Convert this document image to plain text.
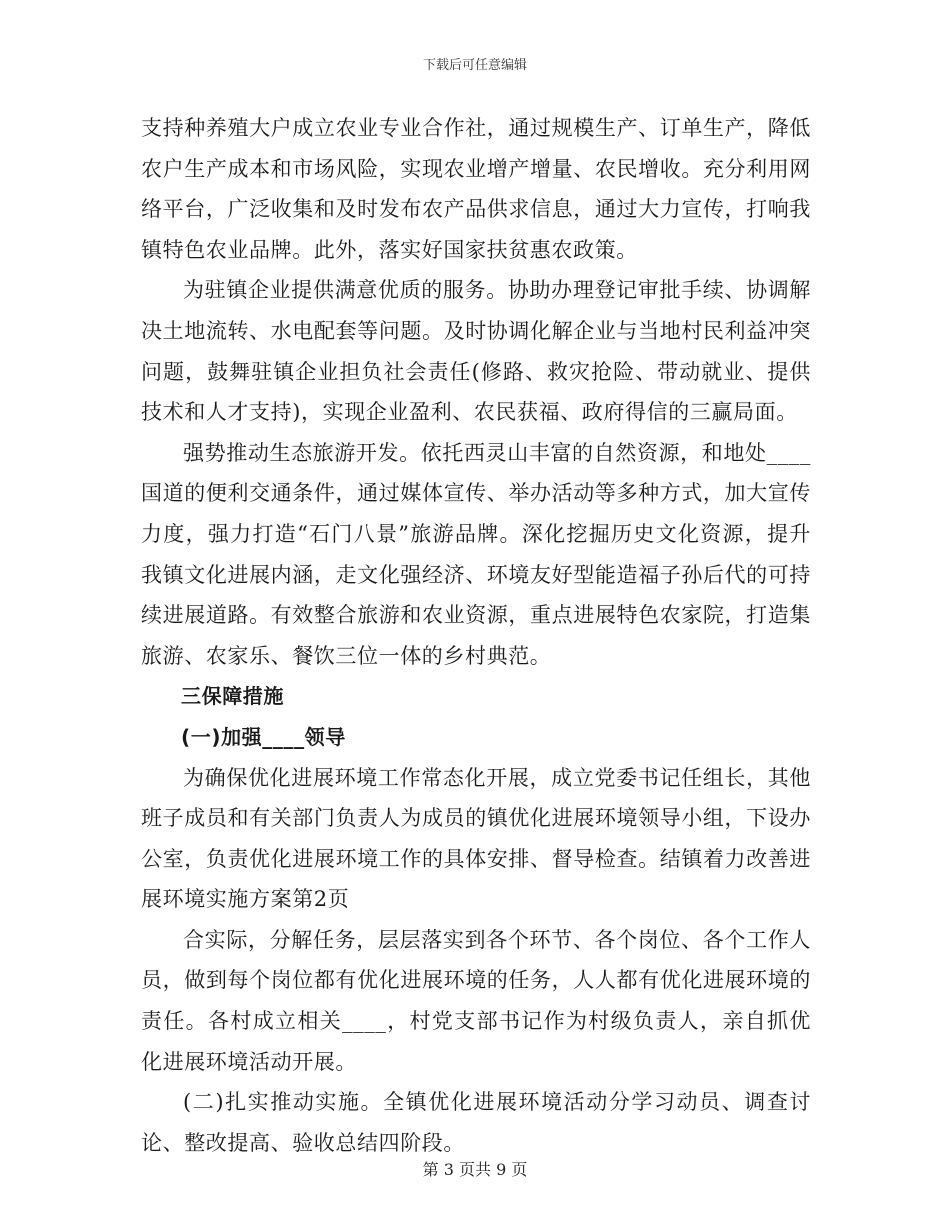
下载后可任意编辑

支持种养殖大户成立农业专业合作社，通过规模生产、订单生产，降低农户生产成本和市场风险，实现农业增产增量、农民增收。充分利用网络平台，广泛收集和及时发布农产品供求信息，通过大力宣传，打响我镇特色农业品牌。此外，落实好国家扶贫惠农政策。

为驻镇企业提供满意优质的服务。协助办理登记审批手续、协调解决土地流转、水电配套等问题。及时协调化解企业与当地村民利益冲突问题，鼓舞驻镇企业担负社会责任(修路、救灾抢险、带动就业、提供技术和人才支持)，实现企业盈利、农民获福、政府得信的三赢局面。

强势推动生态旅游开发。依托西灵山丰富的自然资源，和地处____国道的便利交通条件，通过媒体宣传、举办活动等多种方式，加大宣传力度，强力打造“石门八景”旅游品牌。深化挖掘历史文化资源，提升我镇文化进展内涵，走文化强经济、环境友好型能造福子孙后代的可持续进展道路。有效整合旅游和农业资源，重点进展特色农家院，打造集旅游、农家乐、餐饮三位一体的乡村典范。

三保障措施

(一)加强____领导

为确保优化进展环境工作常态化开展，成立党委书记任组长，其他班子成员和有关部门负责人为成员的镇优化进展环境领导小组，下设办公室，负责优化进展环境工作的具体安排、督导检查。结镇着力改善进展环境实施方案第2页

合实际，分解任务，层层落实到各个环节、各个岗位、各个工作人员，做到每个岗位都有优化进展环境的任务，人人都有优化进展环境的责任。各村成立相关____，村党支部书记作为村级负责人，亲自抓优化进展环境活动开展。

(二)扎实推动实施。全镇优化进展环境活动分学习动员、调查讨论、整改提高、验收总结四阶段。

第 3 页共 9 页
